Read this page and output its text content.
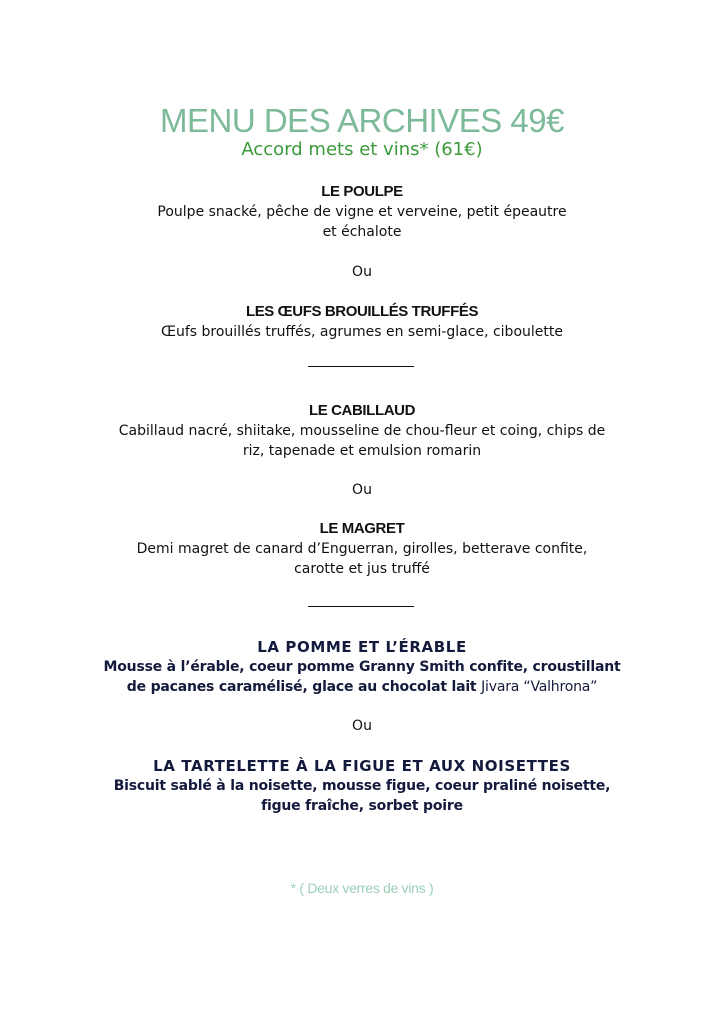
MENU DES ARCHIVES 49€
Accord mets et vins* (61€)
LE POULPE
Poulpe snacké, pêche de vigne et verveine, petit épeautre
et échalote
Ou
LES ŒUFS BROUILLÉS TRUFFÉS
Œufs brouillés truffés, agrumes en semi-glace, ciboulette
LE CABILLAUD
Cabillaud nacré, shiitake, mousseline de chou-fleur et coing, chips de
riz, tapenade et emulsion romarin
Ou
LE MAGRET
Demi magret de canard d’Enguerran, girolles, betterave confite,
carotte et jus truffé
LA POMME ET L’ÉRABLE
Mousse à l’érable, coeur pomme Granny Smith confite, croustillant
de pacanes caramélisé, glace au chocolat lait Jivara “Valhrona”
Ou
LA TARTELETTE À LA FIGUE ET AUX NOISETTES
Biscuit sablé à la noisette, mousse figue, coeur praliné noisette,
figue fraîche, sorbet poire
* ( Deux verres de vins )
